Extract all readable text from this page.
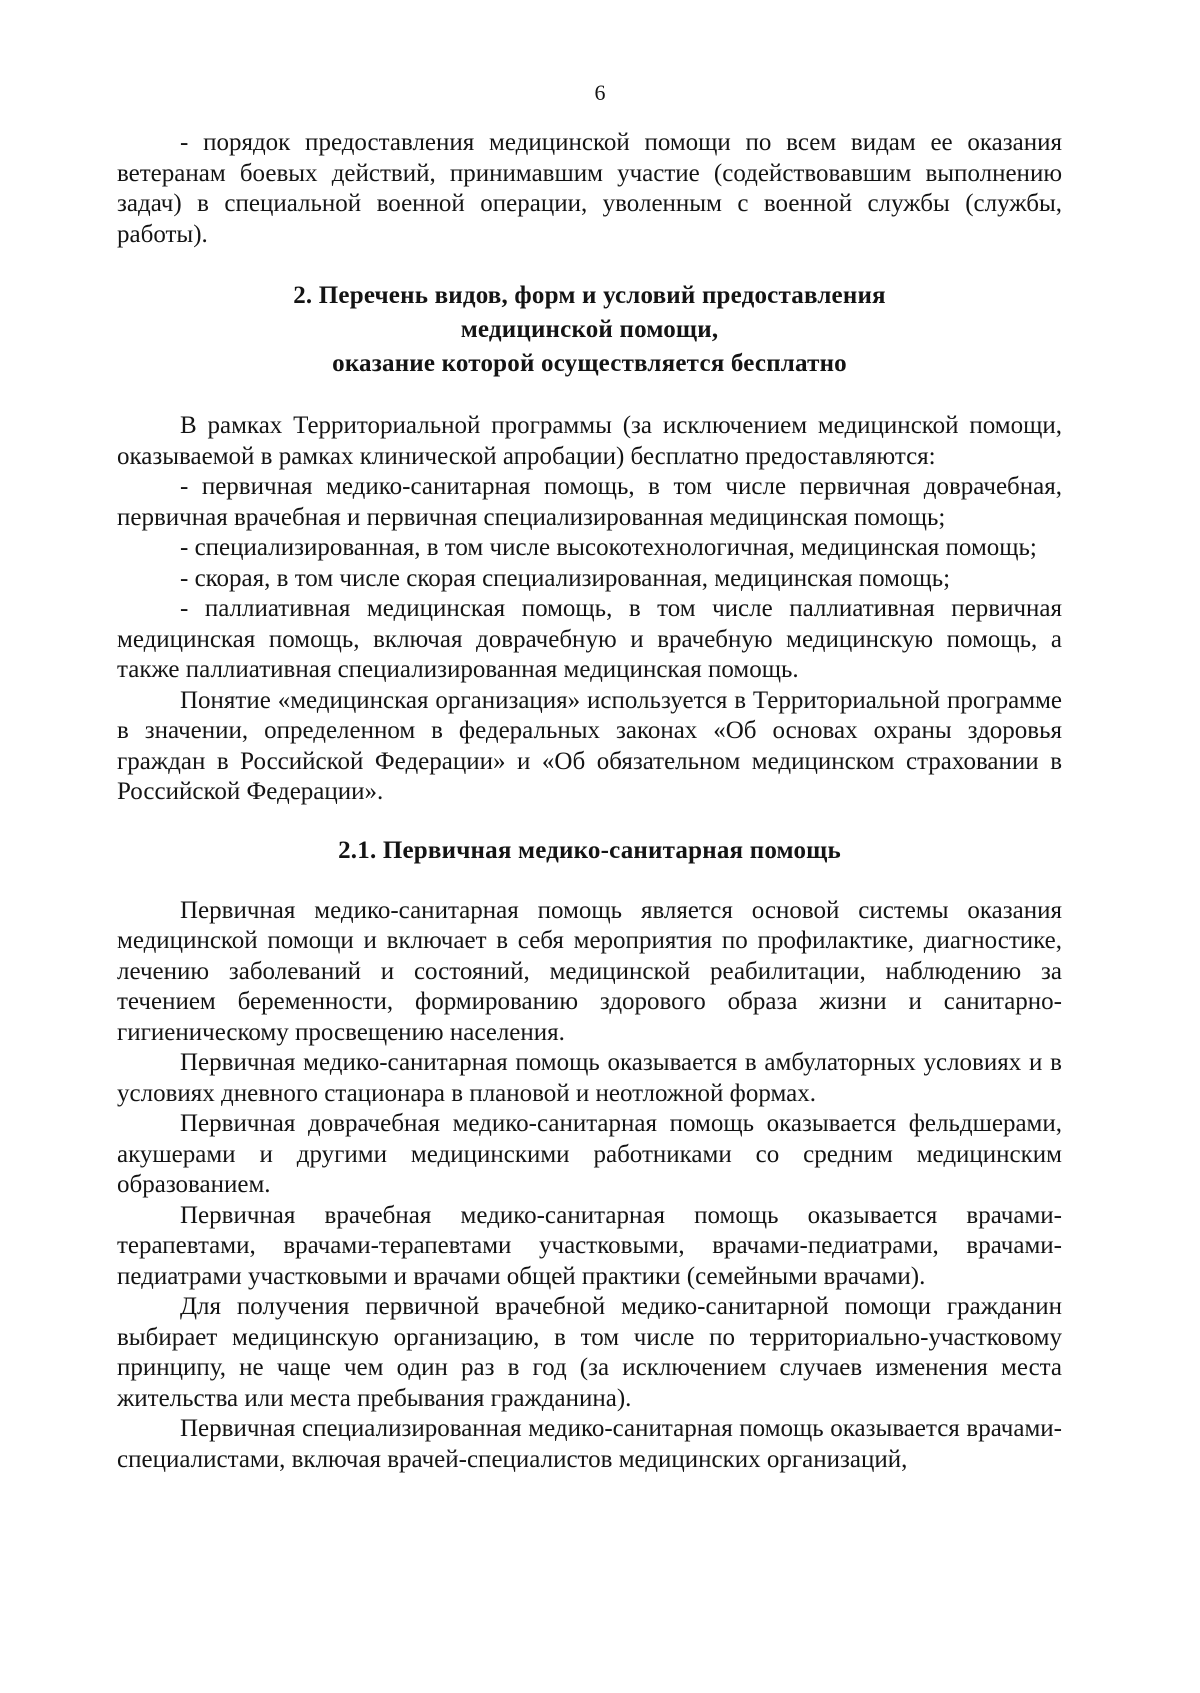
6

- порядок предоставления медицинской помощи по всем видам ее оказания ветеранам боевых действий, принимавшим участие (содействовавшим выполнению задач) в специальной военной операции, уволенным с военной службы (службы, работы).

2. Перечень видов, форм и условий предоставления
медицинской помощи,
оказание которой осуществляется бесплатно

В рамках Территориальной программы (за исключением медицинской помощи, оказываемой в рамках клинической апробации) бесплатно предоставляются:

- первичная медико-санитарная помощь, в том числе первичная доврачебная, первичная врачебная и первичная специализированная медицинская помощь;

- специализированная, в том числе высокотехнологичная, медицинская помощь;

- скорая, в том числе скорая специализированная, медицинская помощь;

- паллиативная медицинская помощь, в том числе паллиативная первичная медицинская помощь, включая доврачебную и врачебную медицинскую помощь, а также паллиативная специализированная медицинская помощь.

Понятие «медицинская организация» используется в Территориальной программе в значении, определенном в федеральных законах «Об основах охраны здоровья граждан в Российской Федерации» и «Об обязательном медицинском страховании в Российской Федерации».

2.1. Первичная медико-санитарная помощь

Первичная медико-санитарная помощь является основой системы оказания медицинской помощи и включает в себя мероприятия по профилактике, диагностике, лечению заболеваний и состояний, медицинской реабилитации, наблюдению за течением беременности, формированию здорового образа жизни и санитарно-гигиеническому просвещению населения.

Первичная медико-санитарная помощь оказывается в амбулаторных условиях и в условиях дневного стационара в плановой и неотложной формах.

Первичная доврачебная медико-санитарная помощь оказывается фельдшерами, акушерами и другими медицинскими работниками со средним медицинским образованием.

Первичная врачебная медико-санитарная помощь оказывается врачами-терапевтами, врачами-терапевтами участковыми, врачами-педиатрами, врачами-педиатрами участковыми и врачами общей практики (семейными врачами).

Для получения первичной врачебной медико-санитарной помощи гражданин выбирает медицинскую организацию, в том числе по территориально-участковому принципу, не чаще чем один раз в год (за исключением случаев изменения места жительства или места пребывания гражданина).

Первичная специализированная медико-санитарная помощь оказывается врачами-специалистами, включая врачей-специалистов медицинских организаций,
